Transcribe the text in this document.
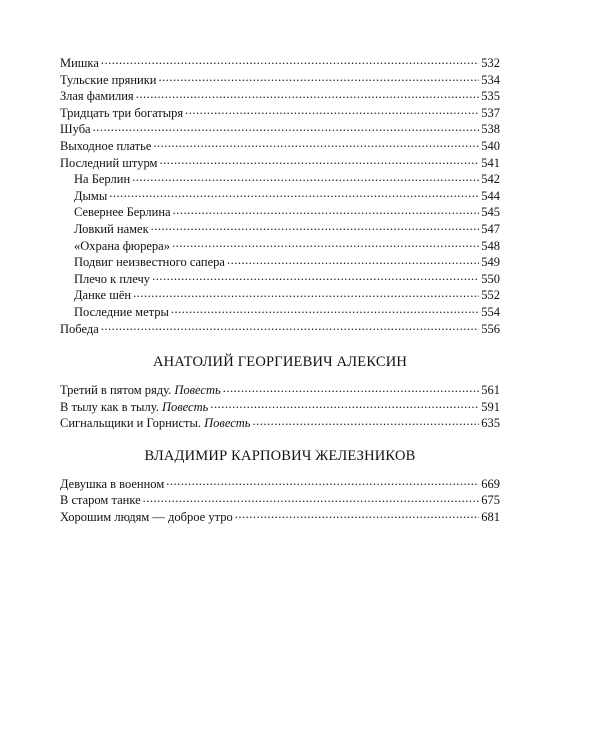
Мишка .....	532
Тульские пряники .....	534
Злая фамилия .....	535
Тридцать три богатыря .....	537
Шуба .....	538
Выходное платье .....	540
Последний штурм .....	541
На Берлин .....	542
Дымы .....	544
Севернее Берлина .....	545
Ловкий намек .....	547
«Охрана фюрера» .....	548
Подвиг неизвестного сапера .....	549
Плечо к плечу .....	550
Данке шён .....	552
Последние метры .....	554
Победа .....	556
АНАТОЛИЙ ГЕОРГИЕВИЧ АЛЕКСИН
Третий в пятом ряду. Повесть .....	561
В тылу как в тылу. Повесть .....	591
Сигнальщики и Горнисты. Повесть .....	635
ВЛАДИМИР КАРПОВИЧ ЖЕЛЕЗНИКОВ
Девушка в военном .....	669
В старом танке .....	675
Хорошим людям — доброе утро .....	681
